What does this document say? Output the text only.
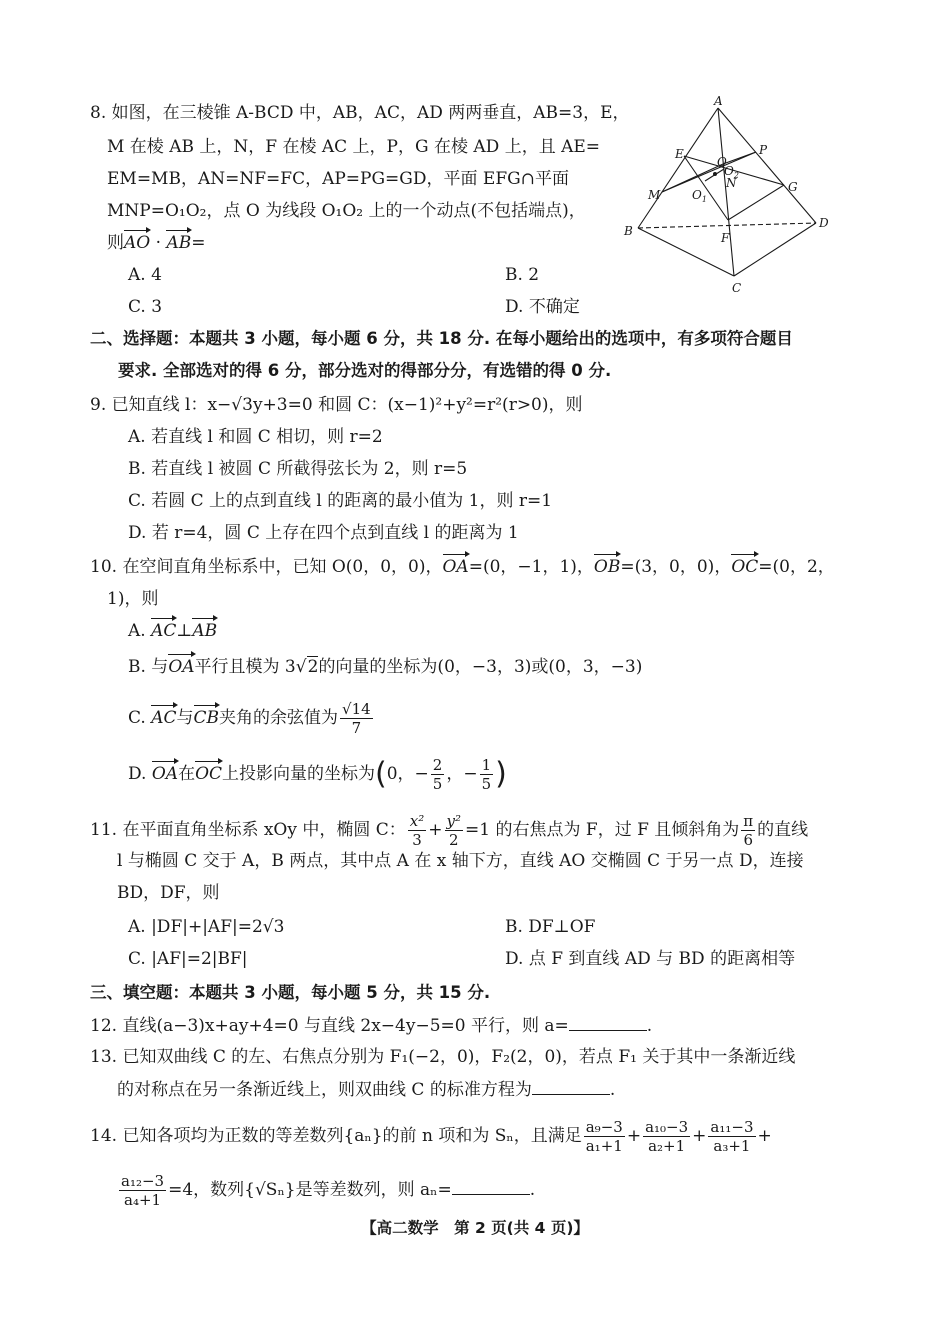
8. 如图，在三棱锥 A-BCD 中，AB，AC，AD 两两垂直，AB=3，E，
M 在棱 AB 上，N，F 在棱 AC 上，P，G 在棱 AD 上，且 AE=
EM=MB，AN=NF=FC，AP=PG=GD，平面 EFG∩平面
MNP=O₁O₂，点 O 为线段 O₁O₂ 上的一个动点(不包括端点)，
则AO · AB=
A. 4	B. 2
C. 3	D. 不确定
A
B
C
D
E
F
G
M
N
P
O
$O_1$
$O_2$
二、选择题：本题共 3 小题，每小题 6 分，共 18 分. 在每小题给出的选项中，有多项符合题目
要求. 全部选对的得 6 分，部分选对的得部分分，有选错的得 0 分.
9. 已知直线 l：x−√3y+3=0 和圆 C：(x−1)²+y²=r²(r>0)，则
A. 若直线 l 和圆 C 相切，则 r=2
B. 若直线 l 被圆 C 所截得弦长为 2，则 r=5
C. 若圆 C 上的点到直线 l 的距离的最小值为 1，则 r=1
D. 若 r=4，圆 C 上存在四个点到直线 l 的距离为 1
10. 在空间直角坐标系中，已知 O(0，0，0)，OA=(0，−1，1)，OB=(3，0，0)，OC=(0，2，
1)，则
A. AC⊥AB
B. 与OA平行且模为 3√2的向量的坐标为(0，−3，3)或(0，3，−3)
C. AC与CB夹角的余弦值为 $\frac{√14}{7}$
D. OA在OC上投影向量的坐标为(0，− $\frac{2}{5}$ ，− $\frac{1}{5}$ )
11. 在平面直角坐标系 xOy 中，椭圆 C： $\frac{\text{x²}}{3} + \frac{\text{y²}}{2} =1$ 的右焦点为 F，过 F 且倾斜角为 $\frac{\pi}{6}$ 的直线
l 与椭圆 C 交于 A，B 两点，其中点 A 在 x 轴下方，直线 AO 交椭圆 C 于另一点 D，连接
BD，DF，则
A. |DF|+|AF|=2√3	B. DF⊥OF
C. |AF|=2|BF|	D. 点 F 到直线 AD 与 BD 的距离相等
三、填空题：本题共 3 小题，每小题 5 分，共 15 分.
12. 直线(a−3)x+ay+4=0 与直线 2x−4y−5=0 平行，则 a=	.
13. 已知双曲线 C 的左、右焦点分别为 F₁(−2，0)，F₂(2，0)，若点 F₁ 关于其中一条渐近线
的对称点在另一条渐近线上，则双曲线 C 的标准方程为	.
14. 已知各项均为正数的等差数列{aₙ}的前 n 项和为 Sₙ，且满足 $\frac{\text{a₉−3}}{\text{a₁+1}} + \frac{\text{a₁₀−3}}{\text{a₂+1}} + \frac{\text{a₁₁−3}}{\text{a₃+1}}$ +
$\frac{\text{a₁₂−3}}{\text{a₄+1}} =4$，数列{√Sₙ}是等差数列，则 aₙ=	.
【高二数学　第 2 页(共 4 页)】
